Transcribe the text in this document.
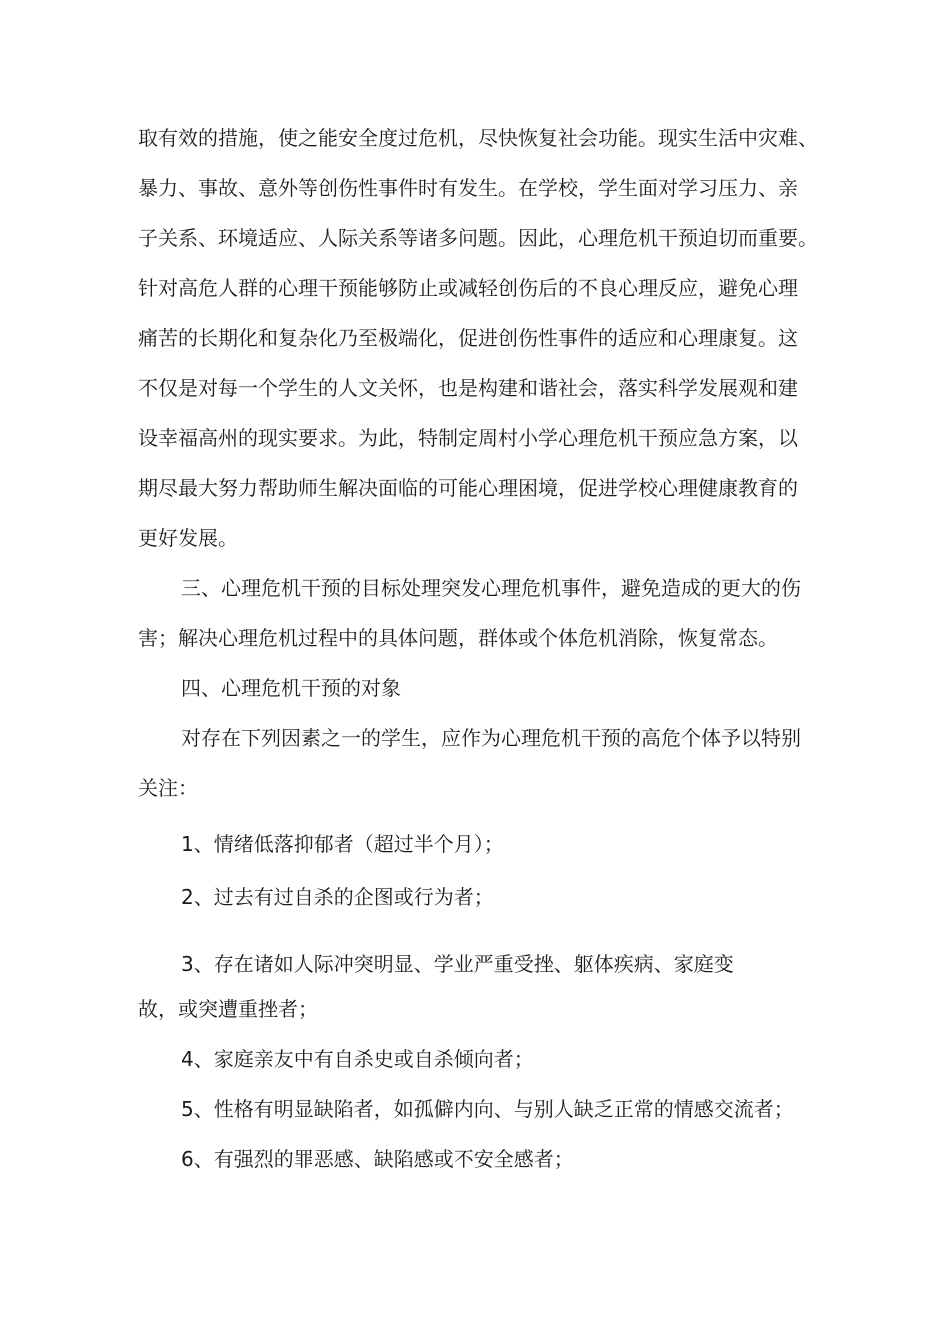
取有效的措施，使之能安全度过危机，尽快恢复社会功能。现实生活中灾难、
暴力、事故、意外等创伤性事件时有发生。在学校，学生面对学习压力、亲
子关系、环境适应、人际关系等诸多问题。因此，心理危机干预迫切而重要。
针对高危人群的心理干预能够防止或减轻创伤后的不良心理反应，避免心理
痛苦的长期化和复杂化乃至极端化，促进创伤性事件的适应和心理康复。这
不仅是对每一个学生的人文关怀，也是构建和谐社会，落实科学发展观和建
设幸福高州的现实要求。为此，特制定周村小学心理危机干预应急方案，以
期尽最大努力帮助师生解决面临的可能心理困境，促进学校心理健康教育的
更好发展。
三、心理危机干预的目标处理突发心理危机事件，避免造成的更大的伤
害；解决心理危机过程中的具体问题，群体或个体危机消除，恢复常态。
四、心理危机干预的对象
对存在下列因素之一的学生，应作为心理危机干预的高危个体予以特别
关注：
1、情绪低落抑郁者（超过半个月）；
2、过去有过自杀的企图或行为者；
3、存在诸如人际冲突明显、学业严重受挫、躯体疾病、家庭变
故，或突遭重挫者；
4、家庭亲友中有自杀史或自杀倾向者；
5、性格有明显缺陷者，如孤僻内向、与别人缺乏正常的情感交流者；
6、有强烈的罪恶感、缺陷感或不安全感者；
